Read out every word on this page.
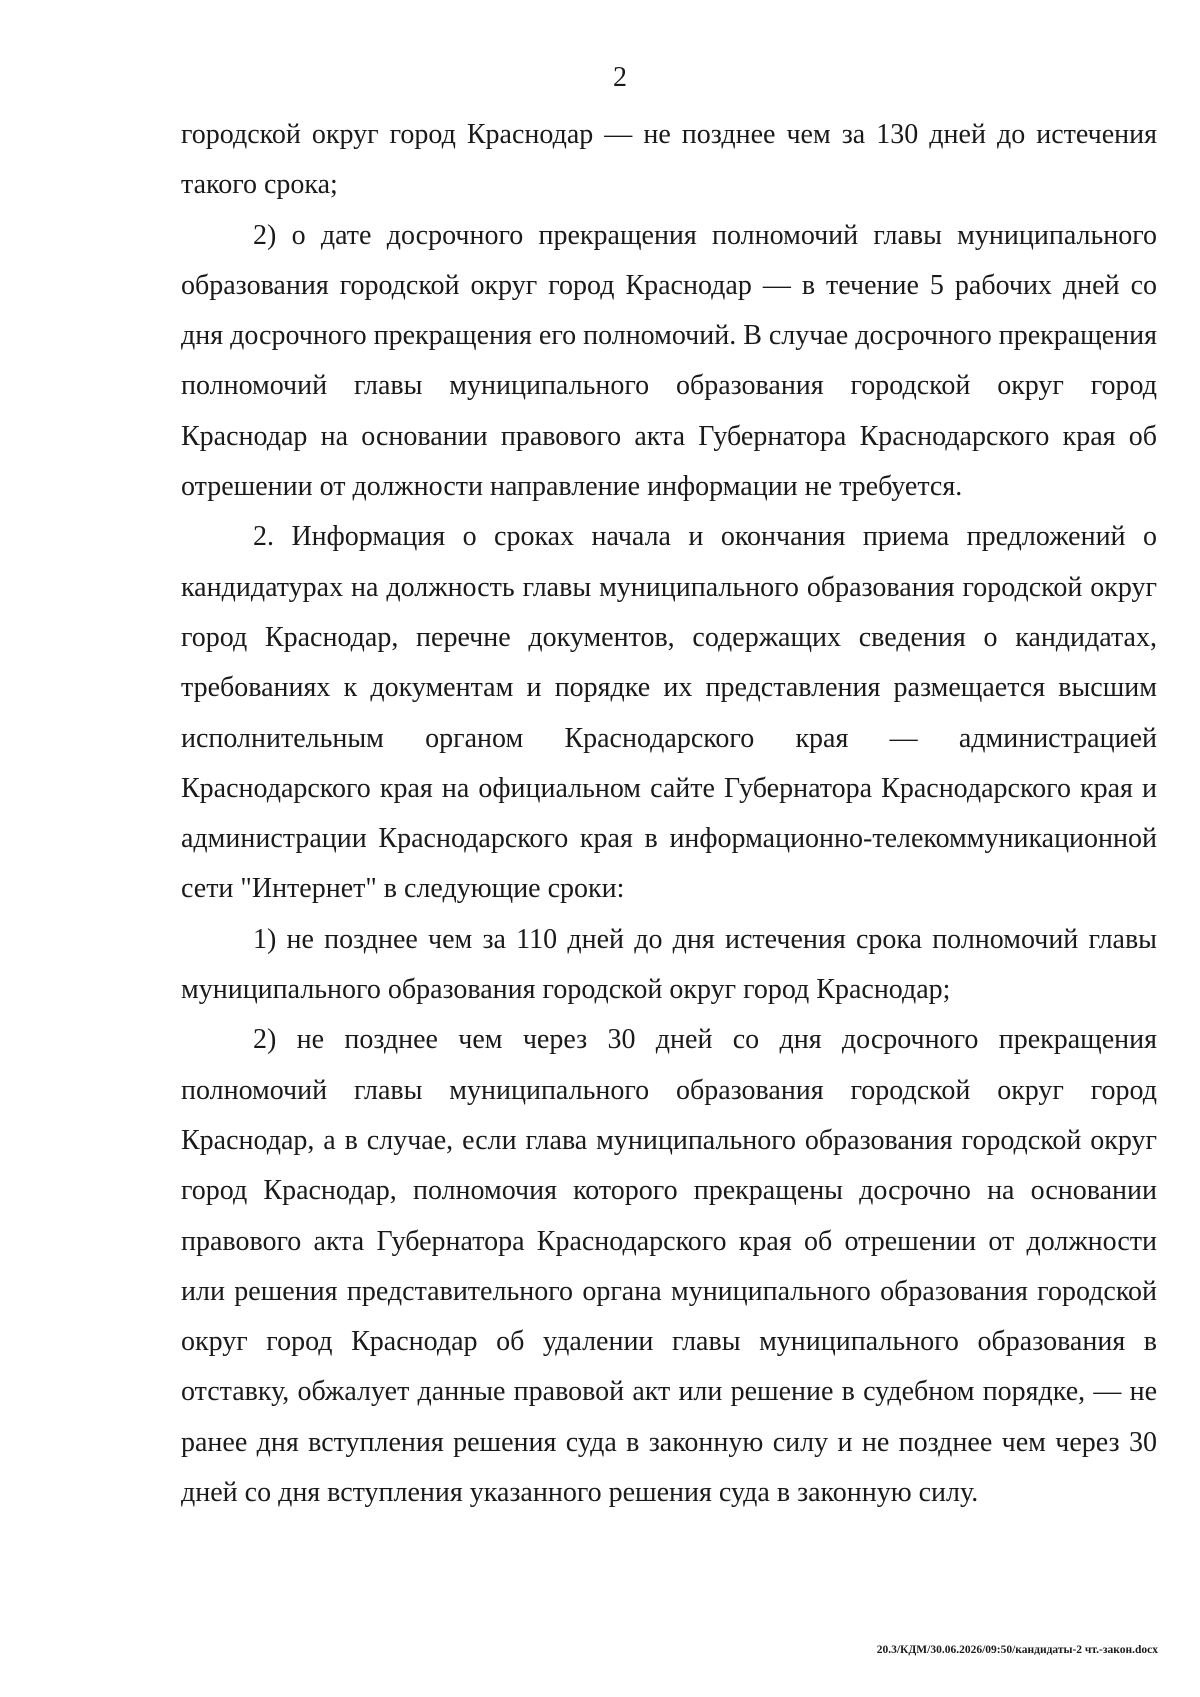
2

городской округ город Краснодар — не позднее чем за 130 дней до истечения такого срока;

2) о дате досрочного прекращения полномочий главы муниципального образования городской округ город Краснодар — в течение 5 рабочих дней со дня досрочного прекращения его полномочий. В случае досрочного прекращения полномочий главы муниципального образования городской округ город Краснодар на основании правового акта Губернатора Краснодарского края об отрешении от должности направление информации не требуется.

2. Информация о сроках начала и окончания приема предложений о кандидатурах на должность главы муниципального образования городской округ город Краснодар, перечне документов, содержащих сведения о кандидатах, требованиях к документам и порядке их представления размещается высшим исполнительным органом Краснодарского края — администрацией Краснодарского края на официальном сайте Губернатора Краснодарского края и администрации Краснодарского края в информационно-телекоммуникационной сети "Интернет" в следующие сроки:

1) не позднее чем за 110 дней до дня истечения срока полномочий главы муниципального образования городской округ город Краснодар;

2) не позднее чем через 30 дней со дня досрочного прекращения полномочий главы муниципального образования городской округ город Краснодар, а в случае, если глава муниципального образования городской округ город Краснодар, полномочия которого прекращены досрочно на основании правового акта Губернатора Краснодарского края об отрешении от должности или решения представительного органа муниципального образования городской округ город Краснодар об удалении главы муниципального образования в отставку, обжалует данные правовой акт или решение в судебном порядке, — не ранее дня вступления решения суда в законную силу и не позднее чем через 30 дней со дня вступления указанного решения суда в законную силу.

20.3/КДМ/30.06.2026/09:50/кандидаты-2 чт.-закон.docx
